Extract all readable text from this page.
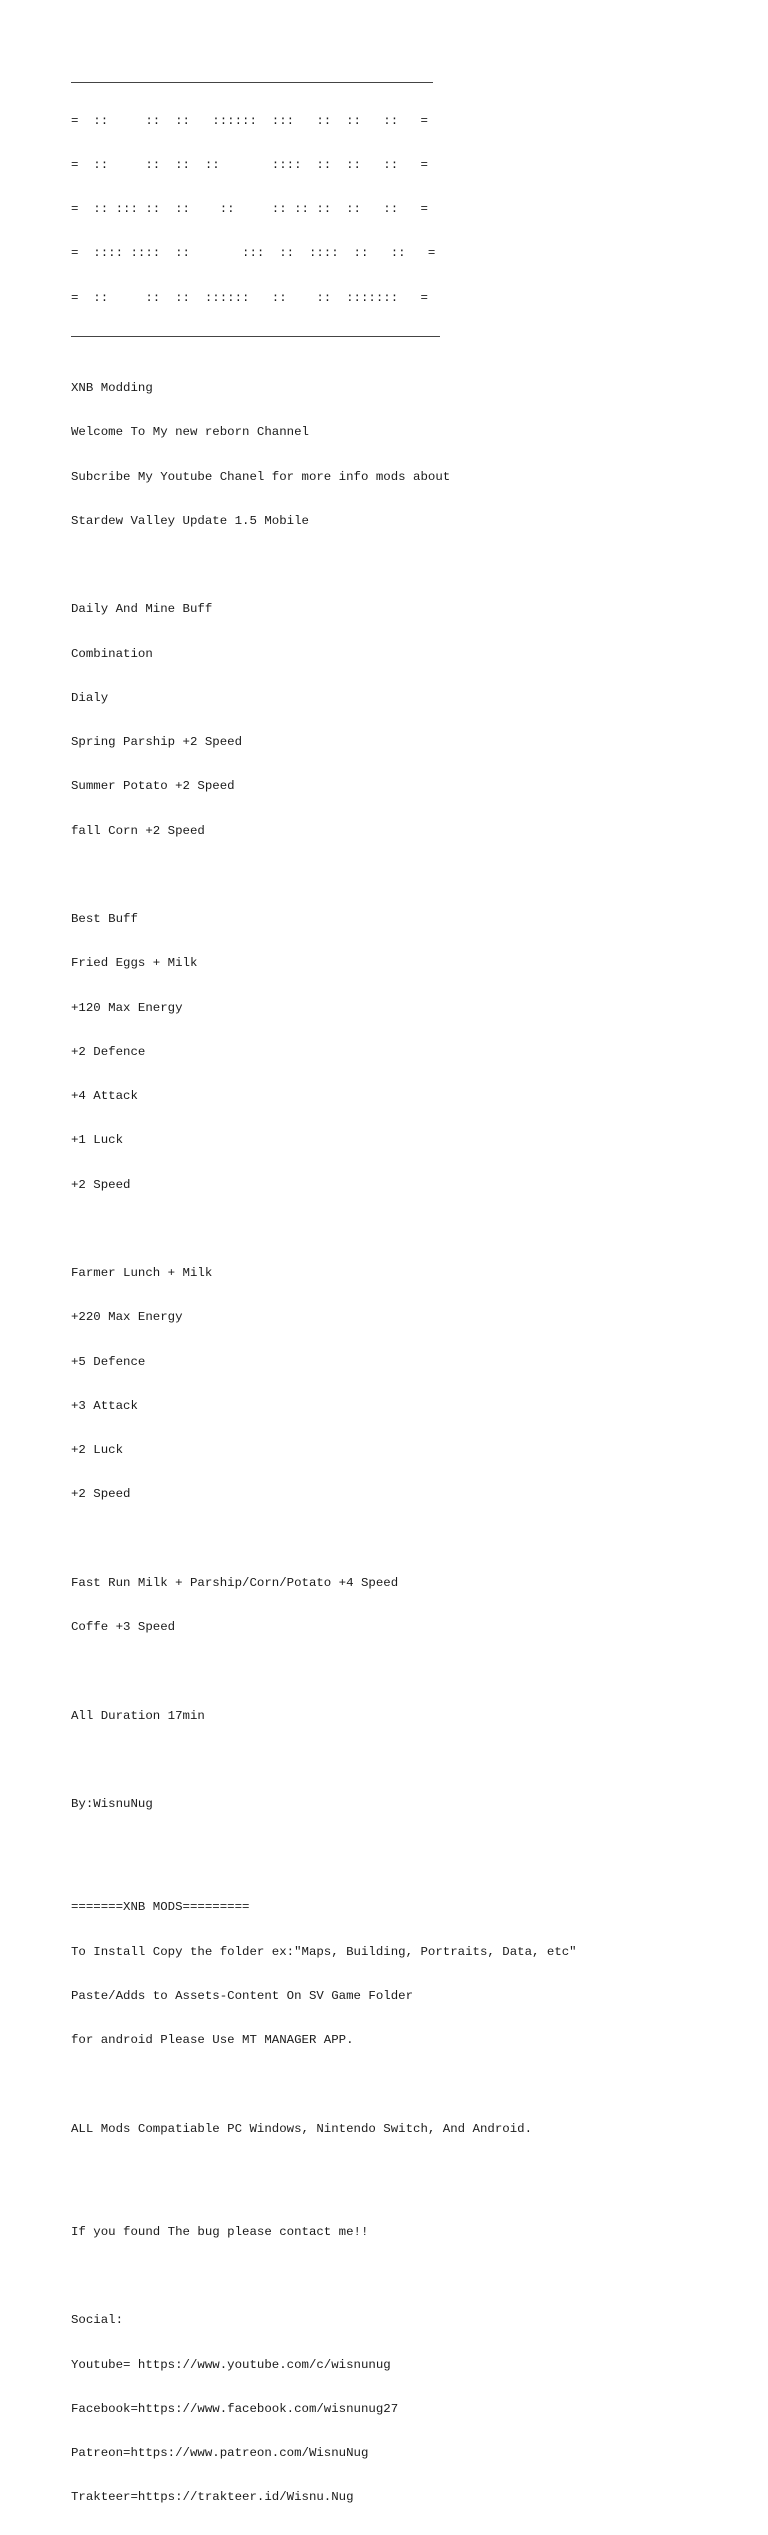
=  ::     ::  ::   ::::::  :::   ::  ::   ::   =

=  ::     ::  ::  ::       ::::  ::  ::   ::   =

=  :: ::: ::  ::    ::     :: :: ::  ::   ::   =

=  :::: ::::  ::       :::  ::  ::::  ::   ::   =

=  ::     ::  ::  ::::::   ::    ::  :::::::   =

XNB Modding

Welcome To My new reborn Channel

Subcribe My Youtube Chanel for more info mods about

Stardew Valley Update 1.5 Mobile

Daily And Mine Buff

Combination

Dialy

Spring Parship +2 Speed

Summer Potato +2 Speed

fall Corn +2 Speed

Best Buff

Fried Eggs + Milk

+120 Max Energy

+2 Defence

+4 Attack

+1 Luck

+2 Speed

Farmer Lunch + Milk

+220 Max Energy

+5 Defence

+3 Attack

+2 Luck

+2 Speed

Fast Run Milk + Parship/Corn/Potato +4 Speed

Coffe +3 Speed

All Duration 17min

By:WisnuNug

=======XNB MODS=========

To Install Copy the folder ex:"Maps, Building, Portraits, Data, etc"

Paste/Adds to Assets-Content On SV Game Folder

for android Please Use MT MANAGER APP.

ALL Mods Compatiable PC Windows, Nintendo Switch, And Android.

If you found The bug please contact me!!

Social:

Youtube= https://www.youtube.com/c/wisnunug

Facebook=https://www.facebook.com/wisnunug27

Patreon=https://www.patreon.com/WisnuNug

Trakteer=https://trakteer.id/Wisnu.Nug
